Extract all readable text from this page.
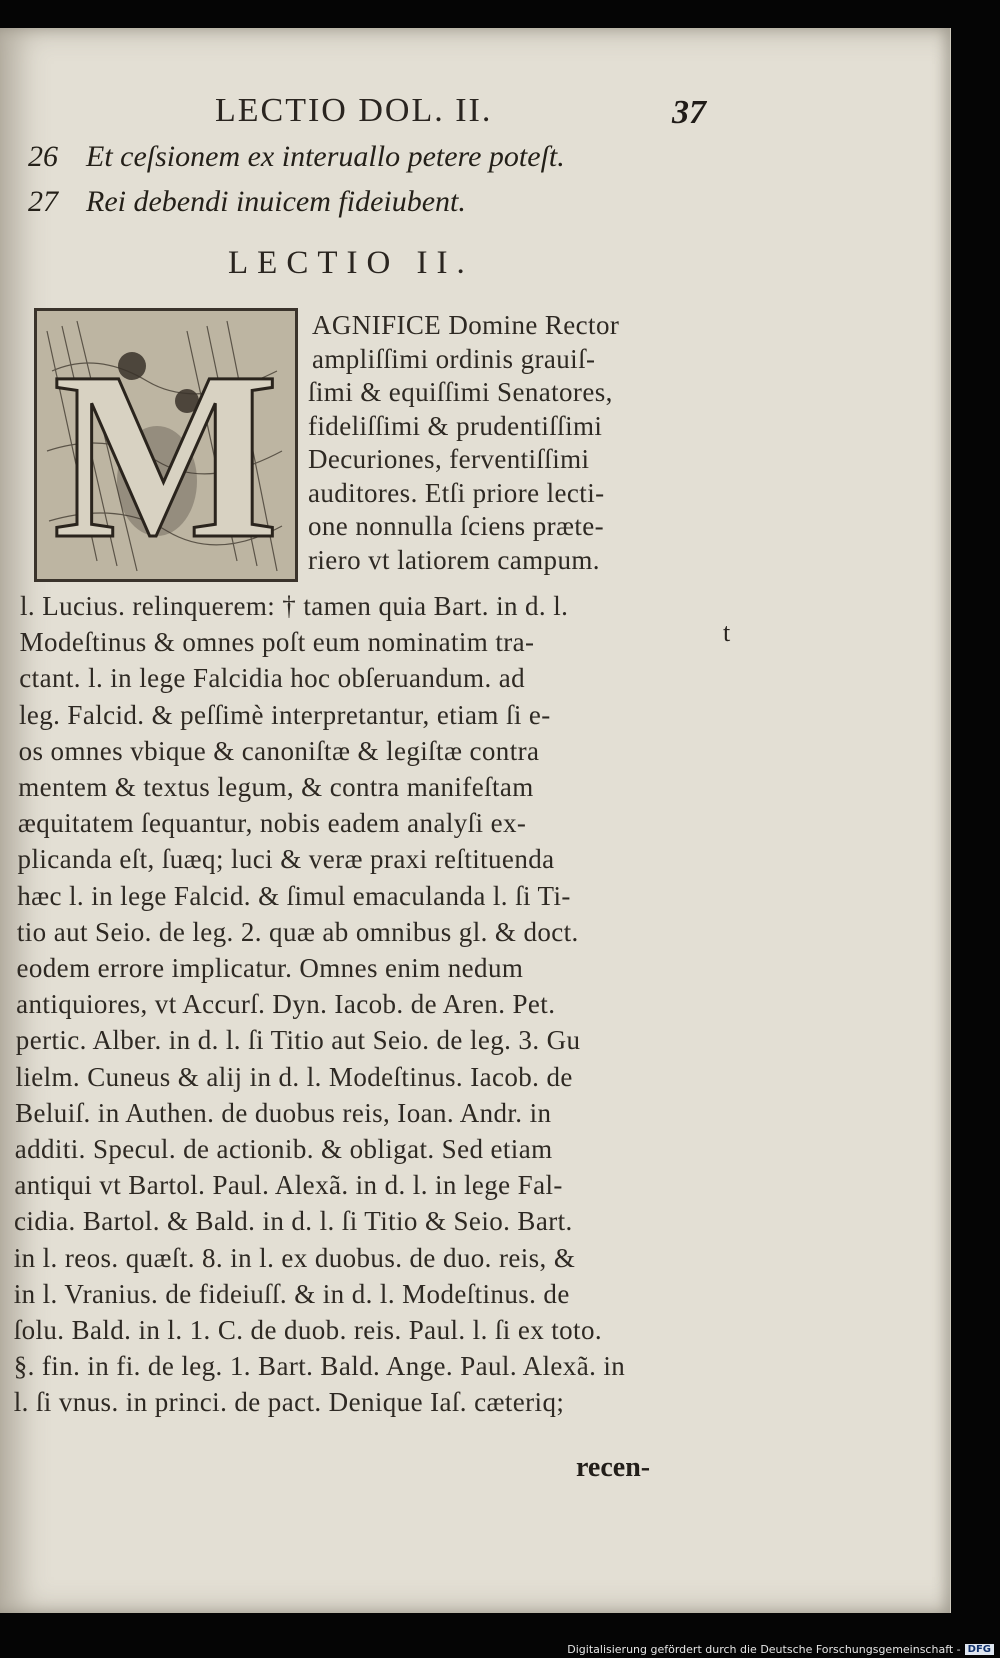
LECTIO DOL. II.	37
26 Et ceſsionem ex interuallo petere poteſt.
27 Rei debendi inuicem fideiubent.
LECTIO II.
M AGNIFICE Domine Rector
ampliſſimi ordinis grauiſ-
ſimi & equiſſimi Senatores,
fideliſſimi & prudentiſſimi
Decuriones, ferventiſſimi
auditores. Etſi priore lecti-
one nonnulla ſciens præte-
riero vt latiorem campum.
l. Lucius. relinquerem: † tamen quia Bart. in d. l.
Modeſtinus & omnes poſt eum nominatim tra-
ctant. l. in lege Falcidia hoc obſeruandum. ad
leg. Falcid. & peſſimè interpretantur, etiam ſi e-
os omnes vbique & canoniſtæ & legiſtæ contra
mentem & textus legum, & contra manifeſtam
æquitatem ſequantur, nobis eadem analyſi ex-
plicanda eſt, ſuæq; luci & veræ praxi reſtituenda
hæc l. in lege Falcid. & ſimul emaculanda l. ſi Ti-
tio aut Seio. de leg. 2. quæ ab omnibus gl. & doct.
eodem errore implicatur. Omnes enim nedum
antiquiores, vt Accurſ. Dyn. Iacob. de Aren. Pet.
pertic. Alber. in d. l. ſi Titio aut Seio. de leg. 3. Gu
lielm. Cuneus & alij in d. l. Modeſtinus. Iacob. de
Beluiſ. in Authen. de duobus reis, Ioan. Andr. in
additi. Specul. de actionib. & obligat. Sed etiam
antiqui vt Bartol. Paul. Alexã. in d. l. in lege Fal-
cidia. Bartol. & Bald. in d. l. ſi Titio & Seio. Bart.
in l. reos. quæſt. 8. in l. ex duobus. de duo. reis, &
in l. Vranius. de fideiuſſ. & in d. l. Modeſtinus. de
ſolu. Bald. in l. 1. C. de duob. reis. Paul. l. ſi ex toto.
§. fin. in fi. de leg. 1. Bart. Bald. Ange. Paul. Alexã. in
l. ſi vnus. in princi. de pact. Denique Iaſ. cæteriq;
t
recen-
Digitalisierung gefördert durch die Deutsche Forschungsgemeinschaft - DFG
